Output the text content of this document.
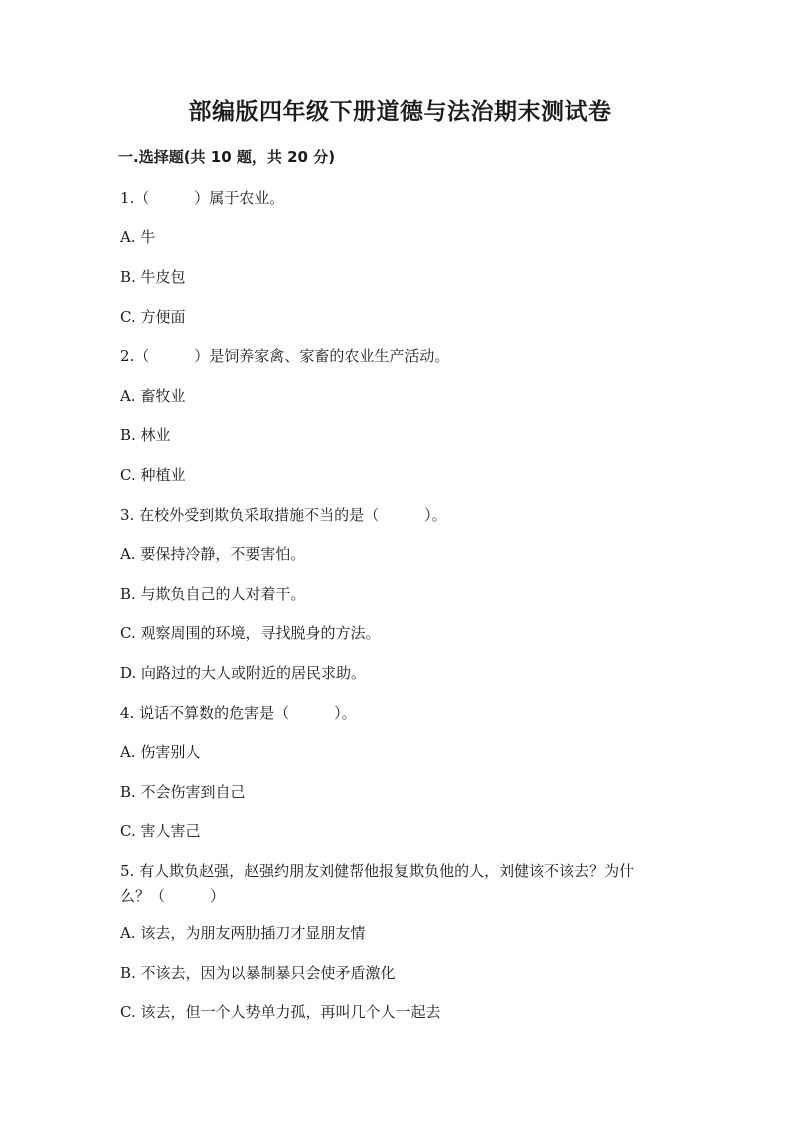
部编版四年级下册道德与法治期末测试卷
一.选择题(共 10 题，共 20 分)
1.（　　　）属于农业。
A. 牛
B. 牛皮包
C. 方便面
2.（　　　）是饲养家禽、家畜的农业生产活动。
A. 畜牧业
B. 林业
C. 种植业
3. 在校外受到欺负采取措施不当的是（　　　）。
A. 要保持冷静，不要害怕。
B. 与欺负自己的人对着干。
C. 观察周围的环境，寻找脱身的方法。
D. 向路过的大人或附近的居民求助。
4. 说话不算数的危害是（　　　）。
A. 伤害别人
B. 不会伤害到自己
C. 害人害己
5. 有人欺负赵强，赵强约朋友刘健帮他报复欺负他的人，刘健该不该去？为什
么？（　　　）
A. 该去，为朋友两肋插刀才显朋友情
B. 不该去，因为以暴制暴只会使矛盾激化
C. 该去，但一个人势单力孤，再叫几个人一起去
